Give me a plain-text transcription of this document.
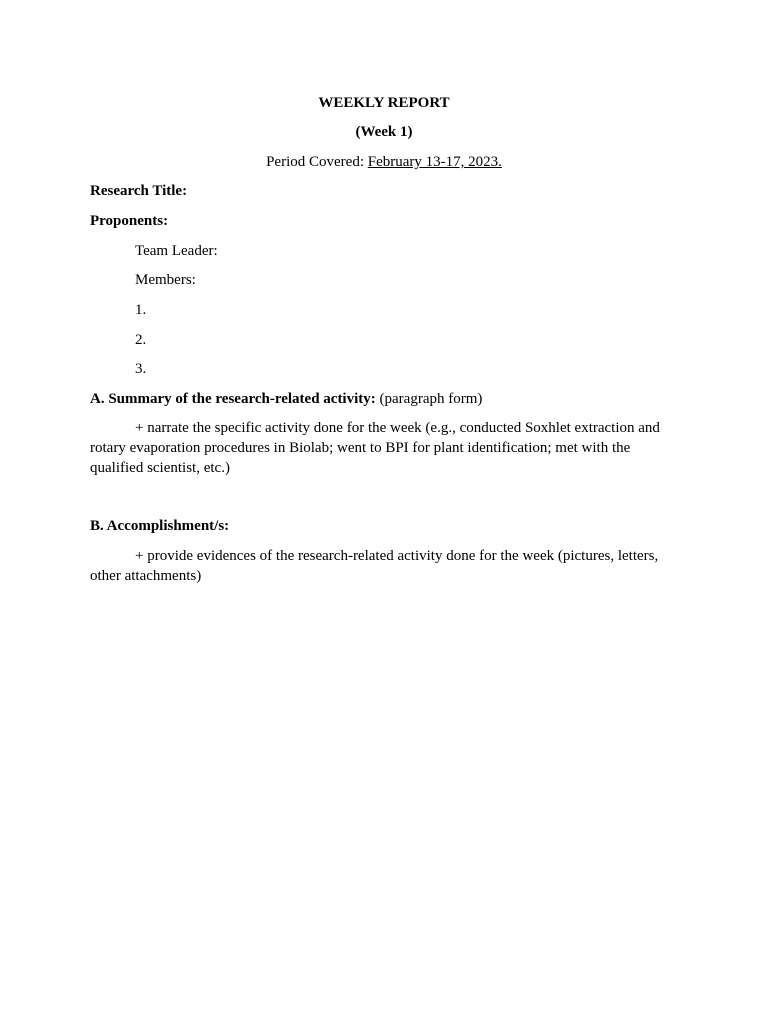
WEEKLY REPORT
(Week 1)
Period Covered: February 13-17, 2023.
Research Title:
Proponents:
Team Leader:
Members:
1.
2.
3.
A. Summary of the research-related activity: (paragraph form)
+ narrate the specific activity done for the week (e.g., conducted Soxhlet extraction and rotary evaporation procedures in Biolab; went to BPI for plant identification; met with the qualified scientist, etc.)
B. Accomplishment/s:
+ provide evidences of the research-related activity done for the week (pictures, letters, other attachments)
